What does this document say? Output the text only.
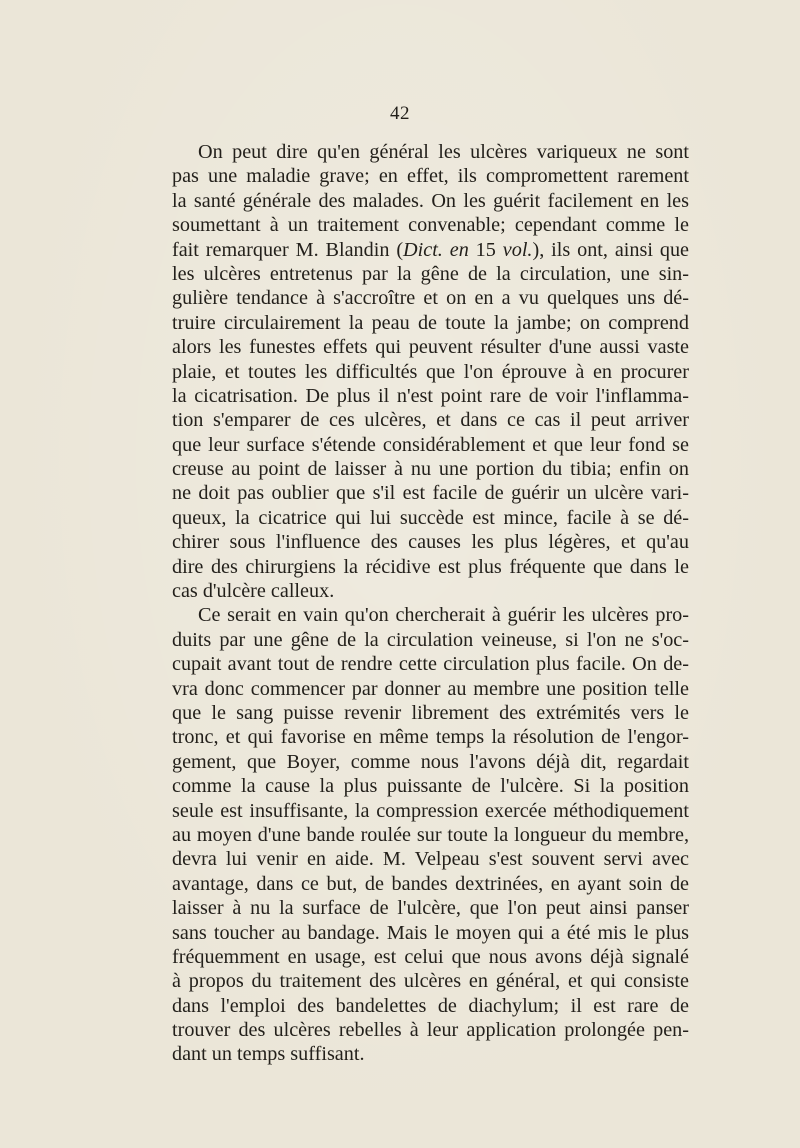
42
On peut dire qu'en général les ulcères variqueux ne sont
pas une maladie grave; en effet, ils compromettent rarement
la santé générale des malades. On les guérit facilement en les
soumettant à un traitement convenable; cependant comme le
fait remarquer M. Blandin (Dict. en 15 vol.), ils ont, ainsi que
les ulcères entretenus par la gêne de la circulation, une sin-
gulière tendance à s'accroître et on en a vu quelques uns dé-
truire circulairement la peau de toute la jambe; on comprend
alors les funestes effets qui peuvent résulter d'une aussi vaste
plaie, et toutes les difficultés que l'on éprouve à en procurer
la cicatrisation. De plus il n'est point rare de voir l'inflamma-
tion s'emparer de ces ulcères, et dans ce cas il peut arriver
que leur surface s'étende considérablement et que leur fond se
creuse au point de laisser à nu une portion du tibia; enfin on
ne doit pas oublier que s'il est facile de guérir un ulcère vari-
queux, la cicatrice qui lui succède est mince, facile à se dé-
chirer sous l'influence des causes les plus légères, et qu'au
dire des chirurgiens la récidive est plus fréquente que dans le
cas d'ulcère calleux.
Ce serait en vain qu'on chercherait à guérir les ulcères pro-
duits par une gêne de la circulation veineuse, si l'on ne s'oc-
cupait avant tout de rendre cette circulation plus facile. On de-
vra donc commencer par donner au membre une position telle
que le sang puisse revenir librement des extrémités vers le
tronc, et qui favorise en même temps la résolution de l'engor-
gement, que Boyer, comme nous l'avons déjà dit, regardait
comme la cause la plus puissante de l'ulcère. Si la position
seule est insuffisante, la compression exercée méthodiquement
au moyen d'une bande roulée sur toute la longueur du membre,
devra lui venir en aide. M. Velpeau s'est souvent servi avec
avantage, dans ce but, de bandes dextrinées, en ayant soin de
laisser à nu la surface de l'ulcère, que l'on peut ainsi panser
sans toucher au bandage. Mais le moyen qui a été mis le plus
fréquemment en usage, est celui que nous avons déjà signalé
à propos du traitement des ulcères en général, et qui consiste
dans l'emploi des bandelettes de diachylum; il est rare de
trouver des ulcères rebelles à leur application prolongée pen-
dant un temps suffisant.
